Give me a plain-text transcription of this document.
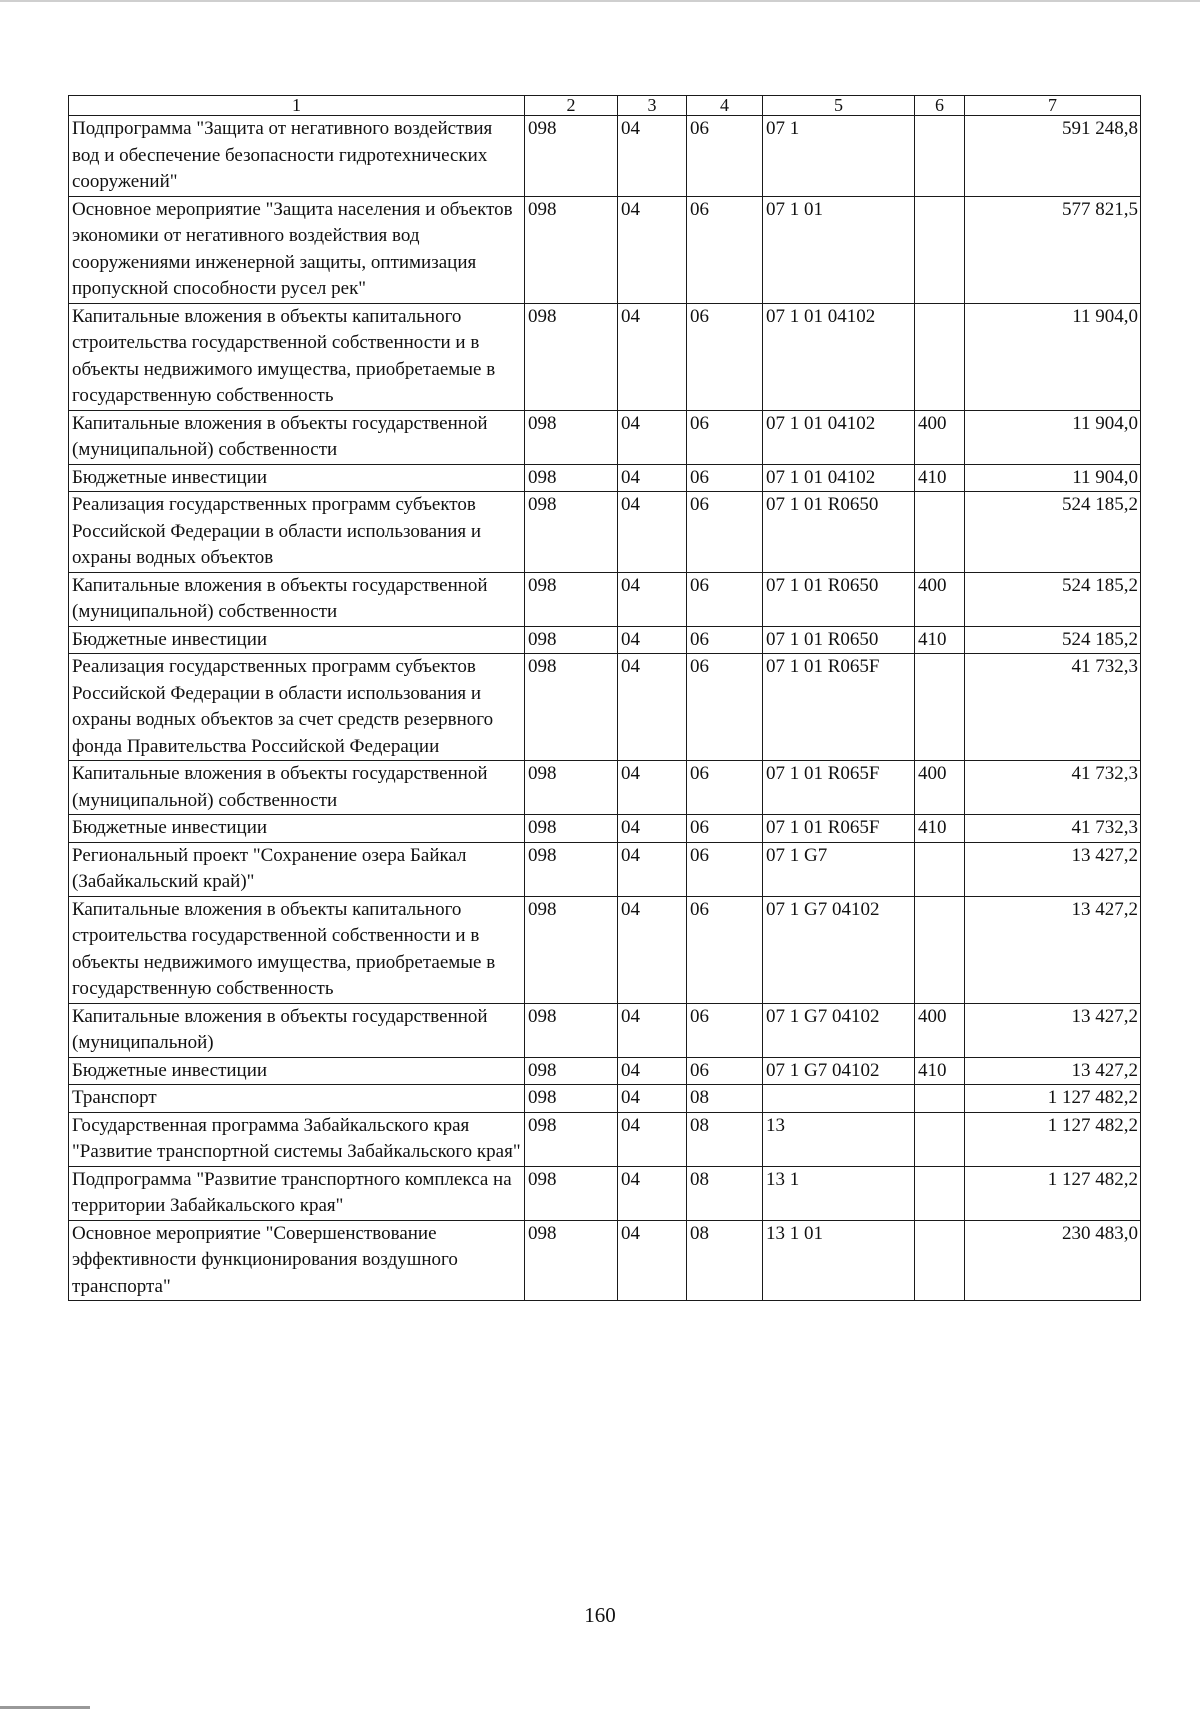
1	2	3	4	5	6	7
Подпрограмма "Защита от негативного воздействия вод и обеспечение безопасности гидротехнических сооружений"	098	04	06	07 1		591 248,8
Основное мероприятие "Защита населения и объектов экономики от негативного воздействия вод сооружениями инженерной защиты, оптимизация пропускной способности русел рек"	098	04	06	07 1 01		577 821,5
Капитальные вложения в объекты капитального строительства государственной собственности и в объекты недвижимого имущества, приобретаемые в государственную собственность	098	04	06	07 1 01 04102		11 904,0
Капитальные вложения в объекты государственной (муниципальной) собственности	098	04	06	07 1 01 04102	400	11 904,0
Бюджетные инвестиции	098	04	06	07 1 01 04102	410	11 904,0
Реализация государственных программ субъектов Российской Федерации в области использования и охраны водных объектов	098	04	06	07 1 01 R0650		524 185,2
Капитальные вложения в объекты государственной (муниципальной) собственности	098	04	06	07 1 01 R0650	400	524 185,2
Бюджетные инвестиции	098	04	06	07 1 01 R0650	410	524 185,2
Реализация государственных программ субъектов Российской Федерации в области использования и охраны водных объектов за счет средств резервного фонда Правительства Российской Федерации	098	04	06	07 1 01 R065F		41 732,3
Капитальные вложения в объекты государственной (муниципальной) собственности	098	04	06	07 1 01 R065F	400	41 732,3
Бюджетные инвестиции	098	04	06	07 1 01 R065F	410	41 732,3
Региональный проект "Сохранение озера Байкал (Забайкальский край)"	098	04	06	07 1 G7		13 427,2
Капитальные вложения в объекты капитального строительства государственной собственности и в объекты недвижимого имущества, приобретаемые в государственную собственность	098	04	06	07 1 G7 04102		13 427,2
Капитальные вложения в объекты государственной (муниципальной)	098	04	06	07 1 G7 04102	400	13 427,2
Бюджетные инвестиции	098	04	06	07 1 G7 04102	410	13 427,2
Транспорт	098	04	08			1 127 482,2
Государственная программа Забайкальского края "Развитие транспортной системы Забайкальского края"	098	04	08	13		1 127 482,2
Подпрограмма "Развитие транспортного комплекса на территории Забайкальского края"	098	04	08	13 1		1 127 482,2
Основное мероприятие "Совершенствование эффективности функционирования воздушного транспорта"	098	04	08	13 1 01		230 483,0
160
